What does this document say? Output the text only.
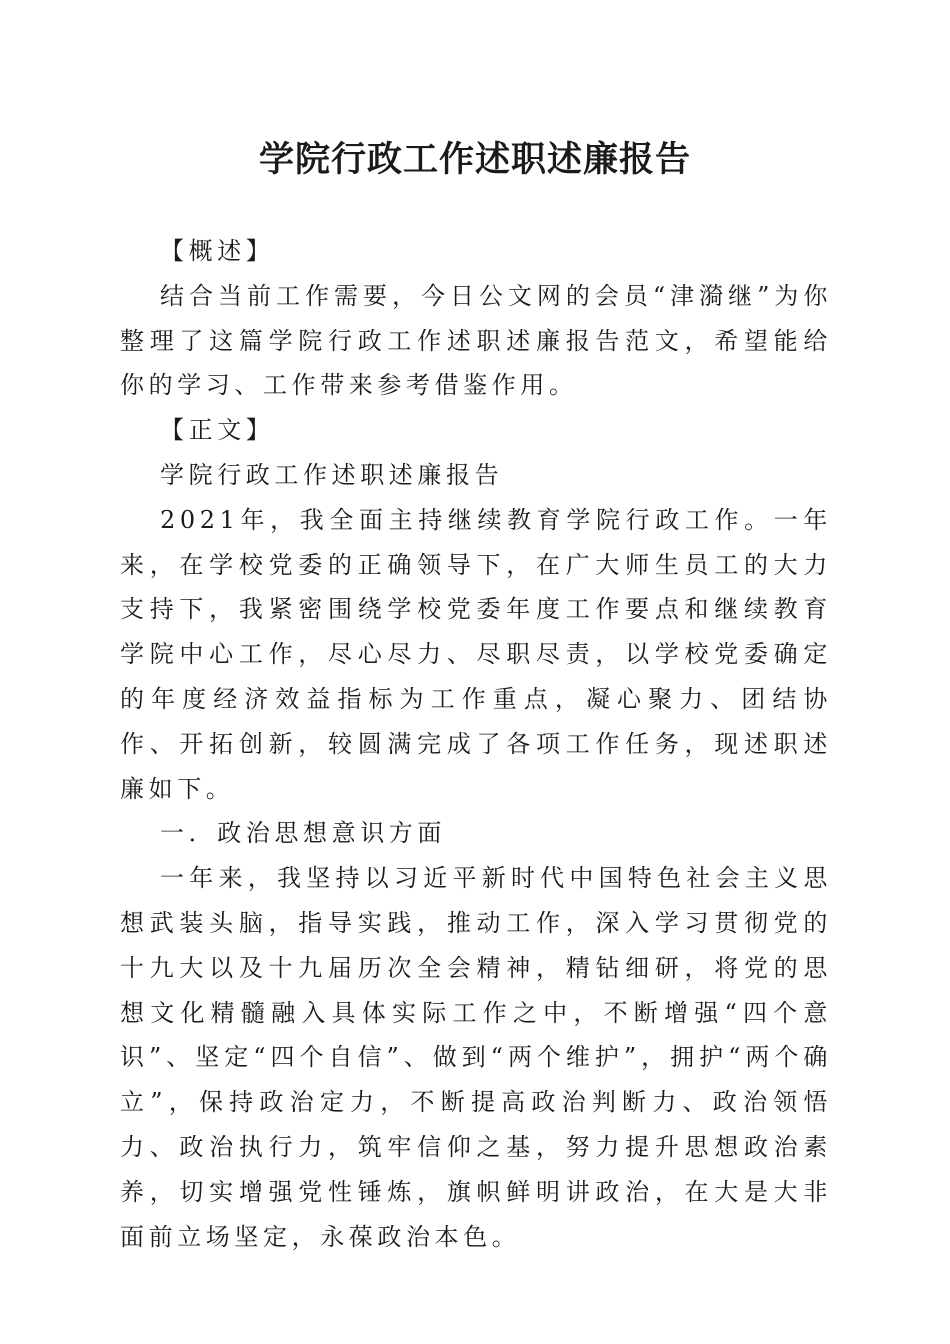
学院行政工作述职述廉报告

【概述】

结合当前工作需要，今日公文网的会员“津漪继”为你整理了这篇学院行政工作述职述廉报告范文，希望能给你的学习、工作带来参考借鉴作用。

【正文】

学院行政工作述职述廉报告

2021年，我全面主持继续教育学院行政工作。一年来，在学校党委的正确领导下，在广大师生员工的大力支持下，我紧密围绕学校党委年度工作要点和继续教育学院中心工作，尽心尽力、尽职尽责，以学校党委确定的年度经济效益指标为工作重点，凝心聚力、团结协作、开拓创新，较圆满完成了各项工作任务，现述职述廉如下。

一．政治思想意识方面

一年来，我坚持以习近平新时代中国特色社会主义思想武装头脑，指导实践，推动工作，深入学习贯彻党的十九大以及十九届历次全会精神，精钻细研，将党的思想文化精髓融入具体实际工作之中，不断增强“四个意识”、坚定“四个自信”、做到“两个维护”，拥护“两个确立”，保持政治定力，不断提高政治判断力、政治领悟力、政治执行力，筑牢信仰之基，努力提升思想政治素养，切实增强党性锤炼，旗帜鲜明讲政治，在大是大非面前立场坚定，永葆政治本色。
